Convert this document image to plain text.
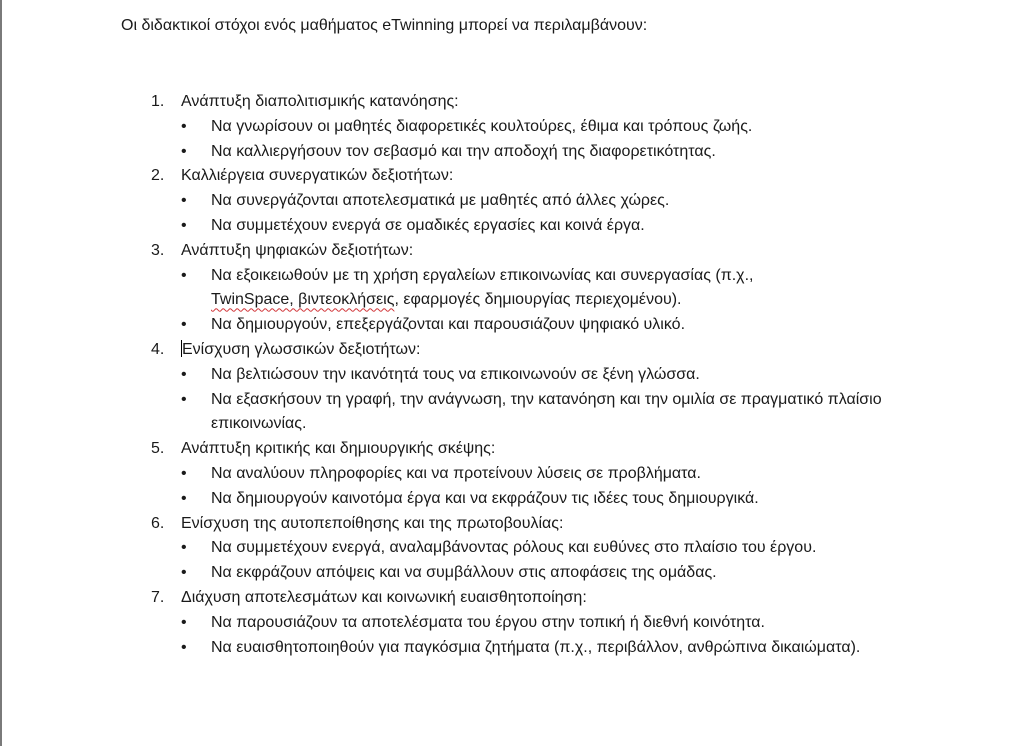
Οι διδακτικοί στόχοι ενός μαθήματος eTwinning μπορεί να περιλαμβάνουν:
1. Ανάπτυξη διαπολιτισμικής κατανόησης:
• Να γνωρίσουν οι μαθητές διαφορετικές κουλτούρες, έθιμα και τρόπους ζωής.
• Να καλλιεργήσουν τον σεβασμό και την αποδοχή της διαφορετικότητας.
2. Καλλιέργεια συνεργατικών δεξιοτήτων:
• Να συνεργάζονται αποτελεσματικά με μαθητές από άλλες χώρες.
• Να συμμετέχουν ενεργά σε ομαδικές εργασίες και κοινά έργα.
3. Ανάπτυξη ψηφιακών δεξιοτήτων:
• Να εξοικειωθούν με τη χρήση εργαλείων επικοινωνίας και συνεργασίας (π.χ.,
TwinSpace, βιντεοκλήσεις, εφαρμογές δημιουργίας περιεχομένου).
• Να δημιουργούν, επεξεργάζονται και παρουσιάζουν ψηφιακό υλικό.
4. Ενίσχυση γλωσσικών δεξιοτήτων:
• Να βελτιώσουν την ικανότητά τους να επικοινωνούν σε ξένη γλώσσα.
• Να εξασκήσουν τη γραφή, την ανάγνωση, την κατανόηση και την ομιλία σε πραγματικό πλαίσιο επικοινωνίας.
5. Ανάπτυξη κριτικής και δημιουργικής σκέψης:
• Να αναλύουν πληροφορίες και να προτείνουν λύσεις σε προβλήματα.
• Να δημιουργούν καινοτόμα έργα και να εκφράζουν τις ιδέες τους δημιουργικά.
6. Ενίσχυση της αυτοπεποίθησης και της πρωτοβουλίας:
• Να συμμετέχουν ενεργά, αναλαμβάνοντας ρόλους και ευθύνες στο πλαίσιο του έργου.
• Να εκφράζουν απόψεις και να συμβάλλουν στις αποφάσεις της ομάδας.
7. Διάχυση αποτελεσμάτων και κοινωνική ευαισθητοποίηση:
• Να παρουσιάζουν τα αποτελέσματα του έργου στην τοπική ή διεθνή κοινότητα.
• Να ευαισθητοποιηθούν για παγκόσμια ζητήματα (π.χ., περιβάλλον, ανθρώπινα δικαιώματα).
